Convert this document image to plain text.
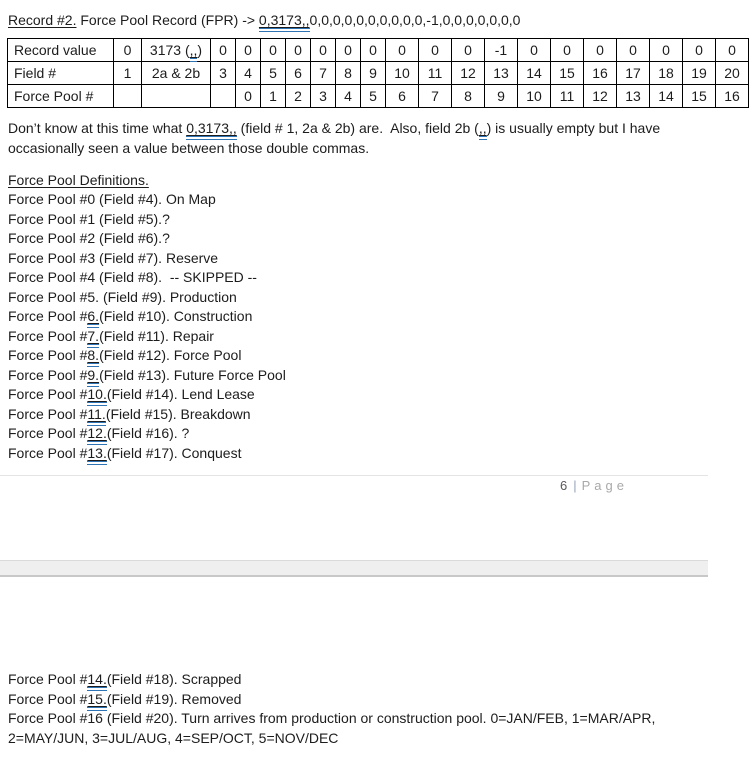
Record #2. Force Pool Record (FPR) -> 0,3173,,0,0,0,0,0,0,0,0,0,0,-1,0,0,0,0,0,0,0
Record value	0	3173 (,,)	0	0	0	0	0	0	0	0	0	0	-1	0	0	0	0	0	0	0
Field #	1	2a & 2b	3	4	5	6	7	8	9	10	11	12	13	14	15	16	17	18	19	20
Force Pool #				0	1	2	3	4	5	6	7	8	9	10	11	12	13	14	15	16
Don’t know at this time what 0,3173,, (field # 1, 2a & 2b) are.  Also, field 2b (,,) is usually empty but I have occasionally seen a value between those double commas.
Force Pool Definitions.
Force Pool #0 (Field #4). On Map
Force Pool #1 (Field #5).?
Force Pool #2 (Field #6).?
Force Pool #3 (Field #7). Reserve
Force Pool #4 (Field #8).  -- SKIPPED --
Force Pool #5. (Field #9). Production
Force Pool #6.(Field #10). Construction
Force Pool #7.(Field #11). Repair
Force Pool #8.(Field #12). Force Pool
Force Pool #9.(Field #13). Future Force Pool
Force Pool #10.(Field #14). Lend Lease
Force Pool #11.(Field #15). Breakdown
Force Pool #12.(Field #16). ?
Force Pool #13.(Field #17). Conquest
6 | Page
Force Pool #14.(Field #18). Scrapped
Force Pool #15.(Field #19). Removed
Force Pool #16 (Field #20). Turn arrives from production or construction pool. 0=JAN/FEB, 1=MAR/APR,
2=MAY/JUN, 3=JUL/AUG, 4=SEP/OCT, 5=NOV/DEC
